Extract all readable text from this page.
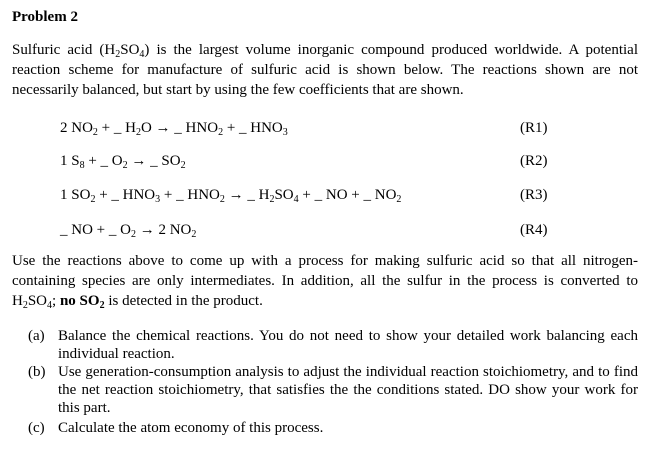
Problem 2
Sulfuric acid $(H_2SO_4)$ is the largest volume inorganic compound produced worldwide. A potential reaction scheme for manufacture of sulfuric acid is shown below. The reactions shown are not necessarily balanced, but start by using the few coefficients that are shown.
2 $NO_2$ + _ $H_2O$ → _ $HNO_2$ + _ $HNO_3$	(R1)
1 $S_8$ + _ $O_2$ → _ $SO_2$	(R2)
1 $SO_2$ + _ $HNO_3$ + _ $HNO_2$ → _ $H_2SO_4$ + _ NO + _ $NO_2$	(R3)
_ NO + _ $O_2 \to 2$ $NO_2$	(R4)
Use the reactions above to come up with a process for making sulfuric acid so that all nitrogen-containing species are only intermediates. In addition, all the sulfur in the process is converted to $H_2SO_4$; no $SO_2$ is detected in the product.
(a) Balance the chemical reactions. You do not need to show your detailed work balancing each individual reaction.
(b) Use generation-consumption analysis to adjust the individual reaction stoichiometry, and to find the net reaction stoichiometry, that satisfies the the conditions stated. DO show your work for this part.
(c) Calculate the atom economy of this process.
